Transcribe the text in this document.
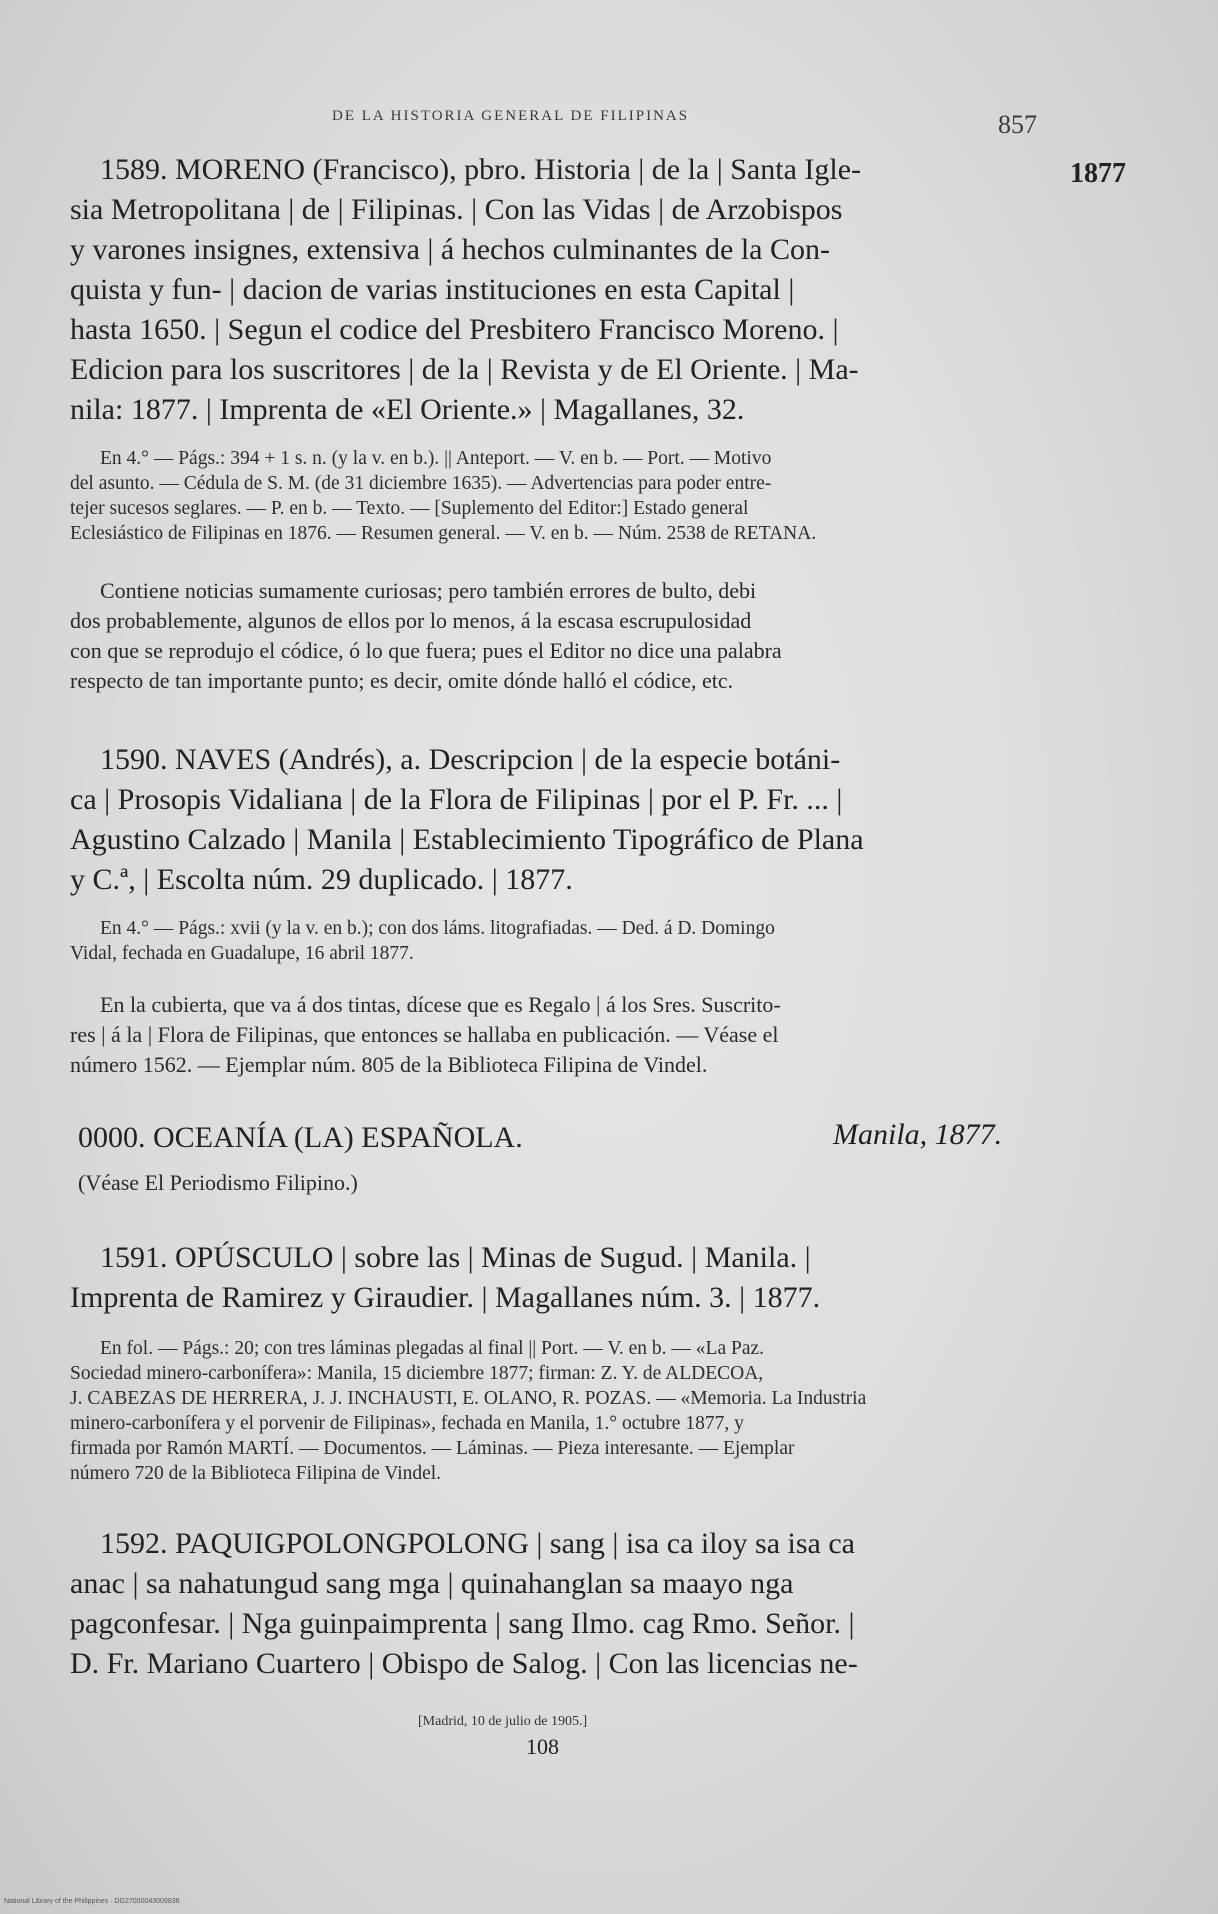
DE LA HISTORIA GENERAL DE FILIPINAS	857
1877
1589. MORENO (Francisco), pbro. Historia | de la | Santa Igle-
sia Metropolitana | de | Filipinas. | Con las Vidas | de Arzobispos
y varones insignes, extensiva | á hechos culminantes de la Con-
quista y fun- | dacion de varias instituciones en esta Capital |
hasta 1650. | Segun el codice del Presbitero Francisco Moreno. |
Edicion para los suscritores | de la | Revista y de El Oriente. | Ma-
nila: 1877. | Imprenta de «El Oriente.» | Magallanes, 32.
En 4.° — Págs.: 394 + 1 s. n. (y la v. en b.). || Anteport. — V. en b. — Port. — Motivo
del asunto. — Cédula de S. M. (de 31 diciembre 1635). — Advertencias para poder entre-
tejer sucesos seglares. — P. en b. — Texto. — [Suplemento del Editor:] Estado general
Eclesiástico de Filipinas en 1876. — Resumen general. — V. en b. — Núm. 2538 de RETANA.
Contiene noticias sumamente curiosas; pero también errores de bulto, debi
dos probablemente, algunos de ellos por lo menos, á la escasa escrupulosidad
con que se reprodujo el códice, ó lo que fuera; pues el Editor no dice una palabra
respecto de tan importante punto; es decir, omite dónde halló el códice, etc.
1590. NAVES (Andrés), a. Descripcion | de la especie botáni-
ca | Prosopis Vidaliana | de la Flora de Filipinas | por el P. Fr. ... |
Agustino Calzado | Manila | Establecimiento Tipográfico de Plana
y C.ª, | Escolta núm. 29 duplicado. | 1877.
En 4.° — Págs.: xvii (y la v. en b.); con dos láms. litografiadas. — Ded. á D. Domingo
Vidal, fechada en Guadalupe, 16 abril 1877.
En la cubierta, que va á dos tintas, dícese que es Regalo | á los Sres. Suscrito-
res | á la | Flora de Filipinas, que entonces se hallaba en publicación. — Véase el
número 1562. — Ejemplar núm. 805 de la Biblioteca Filipina de Vindel.
0000. OCEANÍA (LA) ESPAÑOLA.	Manila, 1877.
(Véase El Periodismo Filipino.)
1591. OPÚSCULO | sobre las | Minas de Sugud. | Manila. |
Imprenta de Ramirez y Giraudier. | Magallanes núm. 3. | 1877.
En fol. — Págs.: 20; con tres láminas plegadas al final || Port. — V. en b. — «La Paz.
Sociedad minero-carbonífera»: Manila, 15 diciembre 1877; firman: Z. Y. de ALDECOA,
J. CABEZAS DE HERRERA, J. J. INCHAUSTI, E. OLANO, R. POZAS. — «Memoria. La Industria
minero-carbonífera y el porvenir de Filipinas», fechada en Manila, 1.° octubre 1877, y
firmada por Ramón MARTÍ. — Documentos. — Láminas. — Pieza interesante. — Ejemplar
número 720 de la Biblioteca Filipina de Vindel.
1592. PAQUIGPOLONGPOLONG | sang | isa ca iloy sa isa ca
anac | sa nahatungud sang mga | quinahanglan sa maayo nga
pagconfesar. | Nga guinpaimprenta | sang Ilmo. cag Rmo. Señor. |
D. Fr. Mariano Cuartero | Obispo de Salog. | Con las licencias ne-
[Madrid, 10 de julio de 1905.]
108
National Library of the Philippines · DG27000043009838
